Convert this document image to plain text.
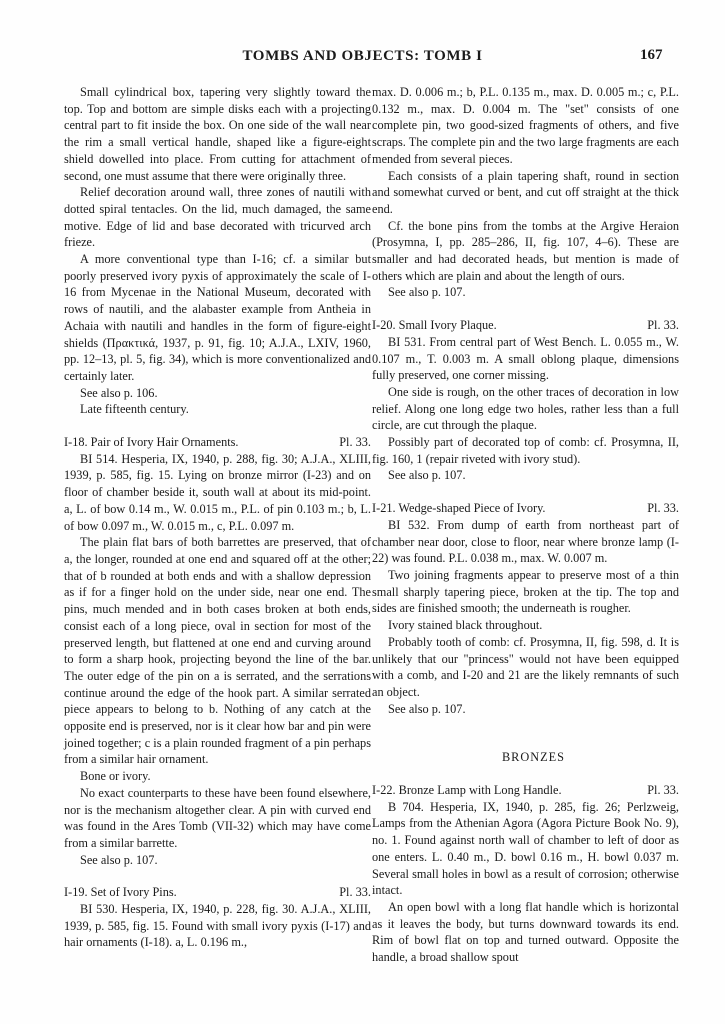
TOMBS AND OBJECTS: TOMB I	167

Small cylindrical box, tapering very slightly toward the top. Top and bottom are simple disks each with a projecting central part to fit inside the box. On one side of the wall near the rim a small vertical handle, shaped like a figure-eight shield dowelled into place. From cutting for attachment of second, one must assume that there were originally three.

Relief decoration around wall, three zones of nautili with dotted spiral tentacles. On the lid, much damaged, the same motive. Edge of lid and base decorated with tricurved arch frieze.

A more conventional type than I-16; cf. a similar but poorly preserved ivory pyxis of approximately the scale of I-16 from Mycenae in the National Museum, decorated with rows of nautili, and the alabaster example from Antheia in Achaia with nautili and handles in the form of figure-eight shields (Πρακτικά, 1937, p. 91, fig. 10; A.J.A., LXIV, 1960, pp. 12–13, pl. 5, fig. 34), which is more conventionalized and certainly later.

See also p. 106.

Late fifteenth century.

I-18. Pair of Ivory Hair Ornaments.	Pl. 33.

BI 514. Hesperia, IX, 1940, p. 288, fig. 30; A.J.A., XLIII, 1939, p. 585, fig. 15. Lying on bronze mirror (I-23) and on floor of chamber beside it, south wall at about its mid-point. a, L. of bow 0.14 m., W. 0.015 m., P.L. of pin 0.103 m.; b, L. of bow 0.097 m., W. 0.015 m., c, P.L. 0.097 m.

The plain flat bars of both barrettes are preserved, that of a, the longer, rounded at one end and squared off at the other; that of b rounded at both ends and with a shallow depression as if for a finger hold on the under side, near one end. The pins, much mended and in both cases broken at both ends, consist each of a long piece, oval in section for most of the preserved length, but flattened at one end and curving around to form a sharp hook, projecting beyond the line of the bar. The outer edge of the pin on a is serrated, and the serrations continue around the edge of the hook part. A similar serrated piece appears to belong to b. Nothing of any catch at the opposite end is preserved, nor is it clear how bar and pin were joined together; c is a plain rounded fragment of a pin perhaps from a similar hair ornament.

Bone or ivory.

No exact counterparts to these have been found elsewhere, nor is the mechanism altogether clear. A pin with curved end was found in the Ares Tomb (VII-32) which may have come from a similar barrette.

See also p. 107.

I-19. Set of Ivory Pins.	Pl. 33.

BI 530. Hesperia, IX, 1940, p. 228, fig. 30. A.J.A., XLIII, 1939, p. 585, fig. 15. Found with small ivory pyxis (I-17) and hair ornaments (I-18). a, L. 0.196 m.,

max. D. 0.006 m.; b, P.L. 0.135 m., max. D. 0.005 m.; c, P.L. 0.132 m., max. D. 0.004 m. The "set" consists of one complete pin, two good-sized fragments of others, and five scraps. The complete pin and the two large fragments are each mended from several pieces.

Each consists of a plain tapering shaft, round in section and somewhat curved or bent, and cut off straight at the thick end.

Cf. the bone pins from the tombs at the Argive Heraion (Prosymna, I, pp. 285–286, II, fig. 107, 4–6). These are smaller and had decorated heads, but mention is made of others which are plain and about the length of ours.

See also p. 107.

I-20. Small Ivory Plaque.	Pl. 33.

BI 531. From central part of West Bench. L. 0.055 m., W. 0.107 m., T. 0.003 m. A small oblong plaque, dimensions fully preserved, one corner missing.

One side is rough, on the other traces of decoration in low relief. Along one long edge two holes, rather less than a full circle, are cut through the plaque.

Possibly part of decorated top of comb: cf. Prosymna, II, fig. 160, 1 (repair riveted with ivory stud).

See also p. 107.

I-21. Wedge-shaped Piece of Ivory.	Pl. 33.

BI 532. From dump of earth from northeast part of chamber near door, close to floor, near where bronze lamp (I-22) was found. P.L. 0.038 m., max. W. 0.007 m.

Two joining fragments appear to preserve most of a thin small sharply tapering piece, broken at the tip. The top and sides are finished smooth; the underneath is rougher.

Ivory stained black throughout.

Probably tooth of comb: cf. Prosymna, II, fig. 598, d. It is unlikely that our "princess" would not have been equipped with a comb, and I-20 and 21 are the likely remnants of such an object.

See also p. 107.

BRONZES

I-22. Bronze Lamp with Long Handle.	Pl. 33.

B 704. Hesperia, IX, 1940, p. 285, fig. 26; Perlzweig, Lamps from the Athenian Agora (Agora Picture Book No. 9), no. 1. Found against north wall of chamber to left of door as one enters. L. 0.40 m., D. bowl 0.16 m., H. bowl 0.037 m. Several small holes in bowl as a result of corrosion; otherwise intact.

An open bowl with a long flat handle which is horizontal as it leaves the body, but turns downward towards its end. Rim of bowl flat on top and turned outward. Opposite the handle, a broad shallow spout
